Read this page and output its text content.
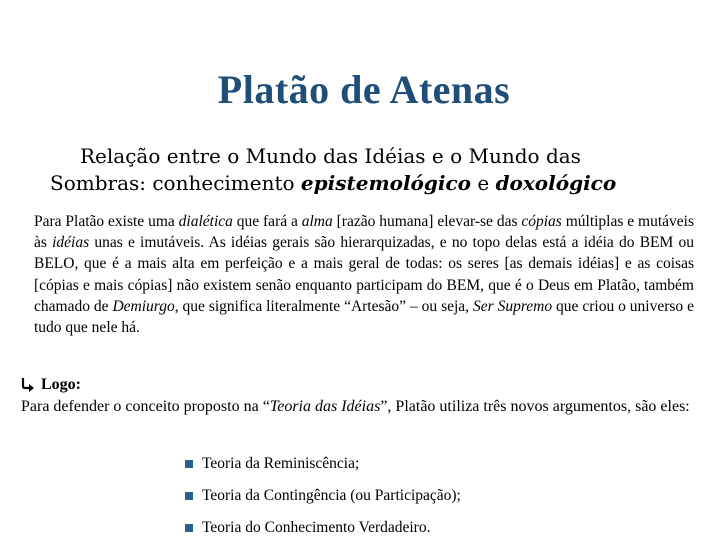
Platão de Atenas
Relação entre o Mundo das Idéias e o Mundo das
Sombras: conhecimento epistemológico e doxológico
Para Platão existe uma dialética que fará a alma [razão humana] elevar-se das cópias múltiplas e mutáveis às idéias unas e imutáveis. As idéias gerais são hierarquizadas, e no topo delas está a idéia do BEM ou BELO, que é a mais alta em perfeição e a mais geral de todas: os seres [as demais idéias] e as coisas [cópias e mais cópias] não existem senão enquanto participam do BEM, que é o Deus em Platão, também chamado de Demiurgo, que significa literalmente “Artesão” – ou seja, Ser Supremo que criou o universo e tudo que nele há.
Logo:
Para defender o conceito proposto na “Teoria das Idéias”, Platão utiliza três novos argumentos, são eles:
Teoria da Reminiscência;
Teoria da Contingência (ou Participação);
Teoria do Conhecimento Verdadeiro.
